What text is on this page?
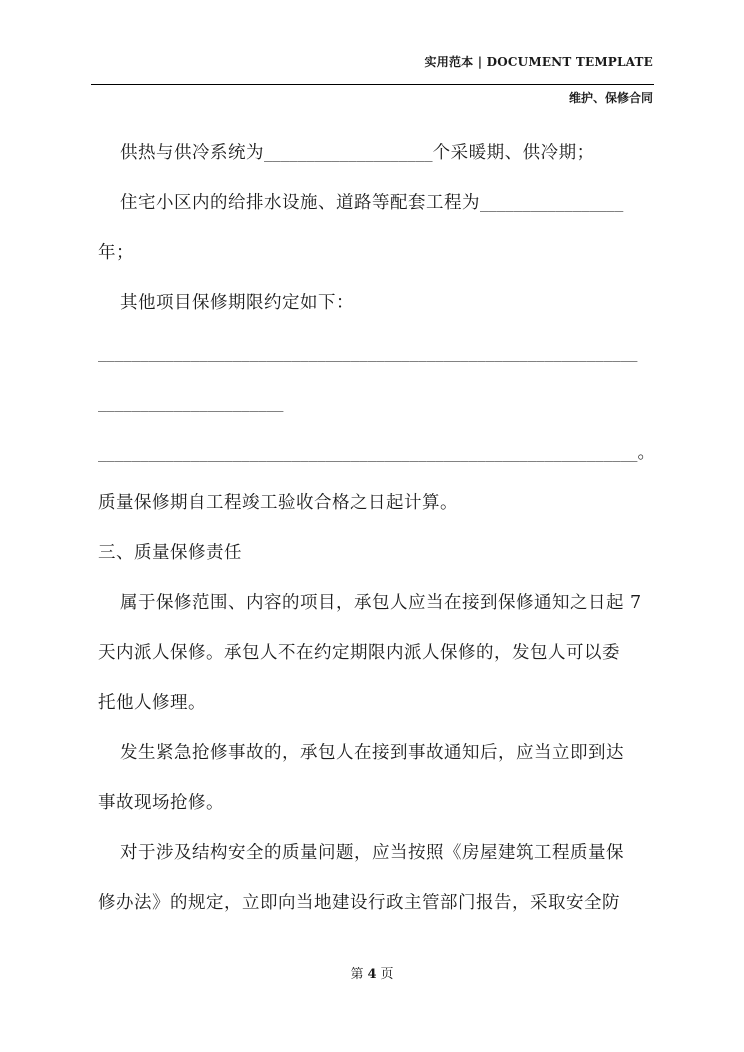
实用范本 | DOCUMENT TEMPLATE
维护、保修合同
供热与供冷系统为____________________个采暖期、供冷期；
住宅小区内的给排水设施、道路等配套工程为_________________
年；
其他项目保修期限约定如下：
________________________________________________________________
______________________
________________________________________________________________。
质量保修期自工程竣工验收合格之日起计算。
三、质量保修责任
属于保修范围、内容的项目，承包人应当在接到保修通知之日起 7
天内派人保修。承包人不在约定期限内派人保修的，发包人可以委
托他人修理。
发生紧急抢修事故的，承包人在接到事故通知后，应当立即到达
事故现场抢修。
对于涉及结构安全的质量问题，应当按照《房屋建筑工程质量保
修办法》的规定，立即向当地建设行政主管部门报告，采取安全防
第 4 页
